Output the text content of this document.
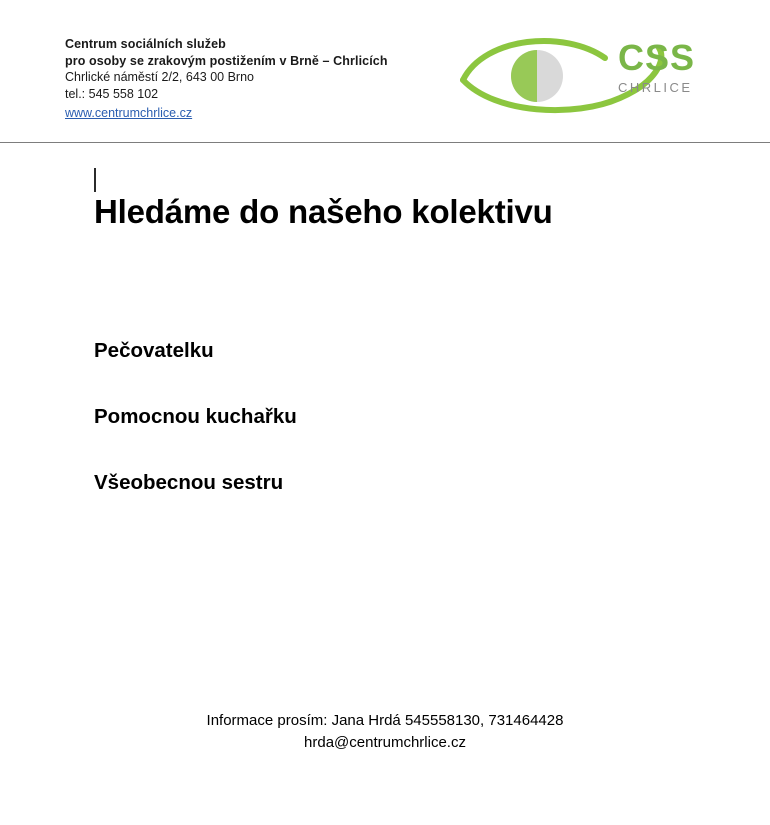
Centrum sociálních služeb
pro osoby se zrakovým postižením v Brně – Chrlicích
Chrlické náměstí 2/2, 643 00 Brno
tel.: 545 558 102
www.centrumchrlice.cz
CSS
CHRLICE
Hledáme do našeho kolektivu
Pečovatelku
Pomocnou kuchařku
Všeobecnou sestru
Informace prosím: Jana Hrdá 545558130, 731464428
hrda@centrumchrlice.cz
